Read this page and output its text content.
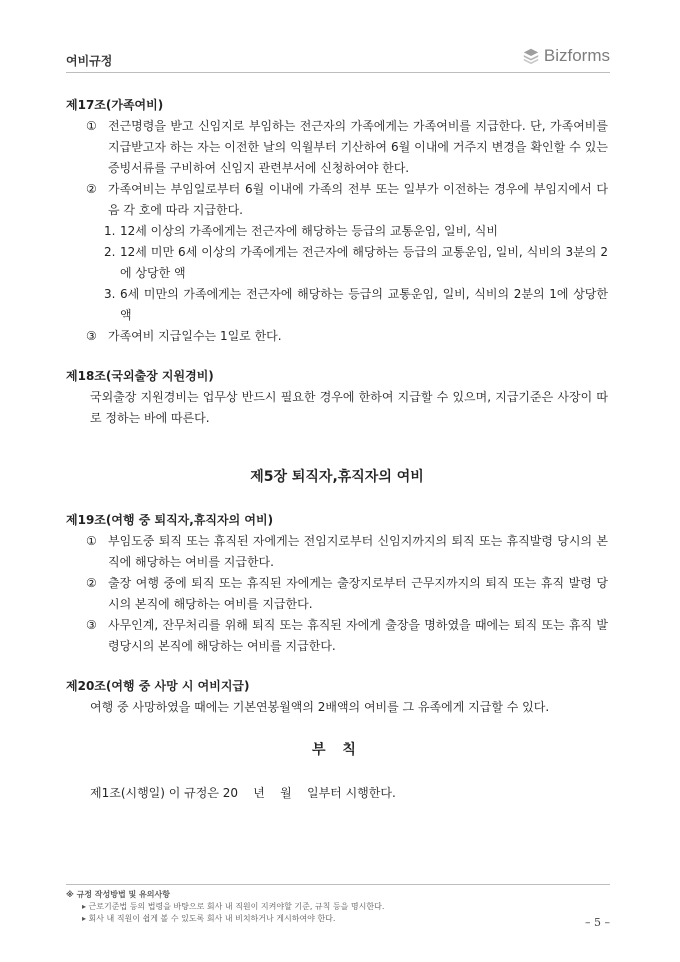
여비규정	Bizforms

제17조(가족여비)

① 전근명령을 받고 신임지로 부임하는 전근자의 가족에게는 가족여비를 지급한다. 단, 가족여비를 지급받고자 하는 자는 이전한 날의 익월부터 기산하여 6월 이내에 거주지 변경을 확인할 수 있는 증빙서류를 구비하여 신임지 관련부서에 신청하여야 한다.
② 가족여비는 부임일로부터 6월 이내에 가족의 전부 또는 일부가 이전하는 경우에 부임지에서 다음 각 호에 따라 지급한다.
1. 12세 이상의 가족에게는 전근자에 해당하는 등급의 교통운임, 일비, 식비
2. 12세 미만 6세 이상의 가족에게는 전근자에 해당하는 등급의 교통운임, 일비, 식비의 3분의 2에 상당한 액
3. 6세 미만의 가족에게는 전근자에 해당하는 등급의 교통운임, 일비, 식비의 2분의 1에 상당한 액
③ 가족여비 지급일수는 1일로 한다.

제18조(국외출장 지원경비)

국외출장 지원경비는 업무상 반드시 필요한 경우에 한하여 지급할 수 있으며, 지급기준은 사장이 따로 정하는 바에 따른다.

제5장 퇴직자,휴직자의 여비

제19조(여행 중 퇴직자,휴직자의 여비)

① 부임도중 퇴직 또는 휴직된 자에게는 전임지로부터 신임지까지의 퇴직 또는 휴직발령 당시의 본직에 해당하는 여비를 지급한다.
② 출장 여행 중에 퇴직 또는 휴직된 자에게는 출장지로부터 근무지까지의 퇴직 또는 휴직 발령 당시의 본직에 해당하는 여비를 지급한다.
③ 사무인계, 잔무처리를 위해 퇴직 또는 휴직된 자에게 출장을 명하였을 때에는 퇴직 또는 휴직 발령당시의 본직에 해당하는 여비를 지급한다.

제20조(여행 중 사망 시 여비지급)

여행 중 사망하였을 때에는 기본연봉월액의 2배액의 여비를 그 유족에게 지급할 수 있다.

부 칙

제1조(시행일) 이 규정은 20    년    월    일부터 시행한다.
※ 규정 작성방법 및 유의사항
▸ 근로기준법 등의 법령을 바탕으로 회사 내 직원이 지켜야할 기준, 규칙 등을 명시한다.
▸ 회사 내 직원이 쉽게 볼 수 있도록 회사 내 비치하거나 게시하여야 한다.	– 5 –
